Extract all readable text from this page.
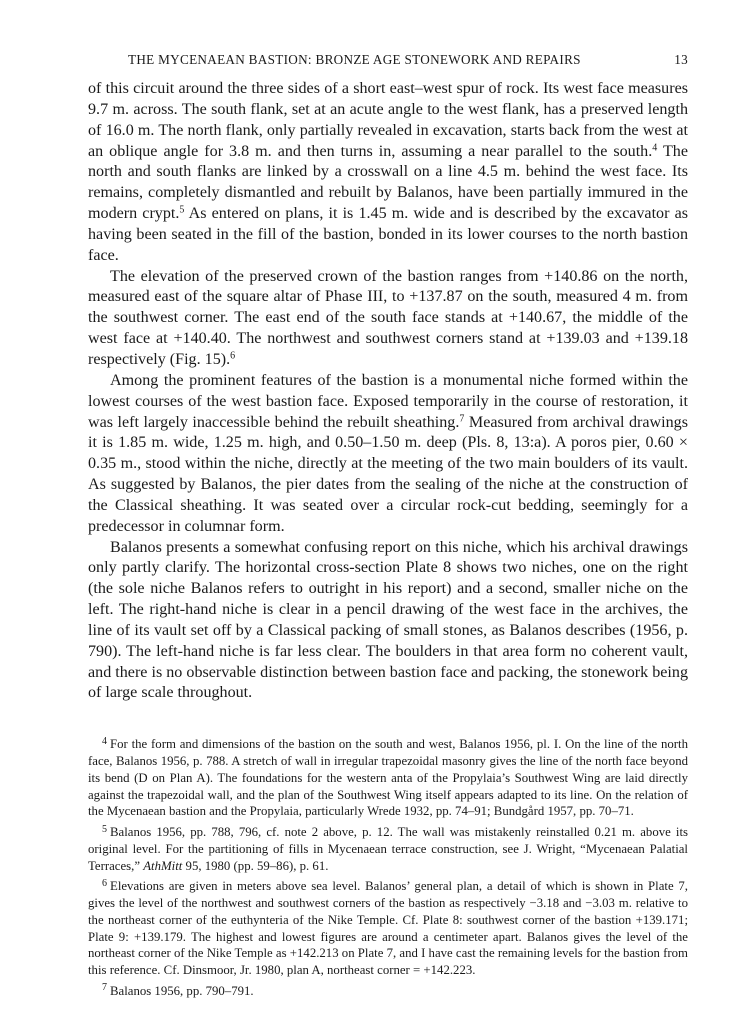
THE MYCENAEAN BASTION: BRONZE AGE STONEWORK AND REPAIRS	13

of this circuit around the three sides of a short east–west spur of rock. Its west face measures 9.7 m. across. The south flank, set at an acute angle to the west flank, has a preserved length of 16.0 m. The north flank, only partially revealed in excavation, starts back from the west at an oblique angle for 3.8 m. and then turns in, assuming a near parallel to the south.$^4$ The north and south flanks are linked by a crosswall on a line 4.5 m. behind the west face. Its remains, completely dismantled and rebuilt by Balanos, have been partially immured in the modern crypt.$^5$ As entered on plans, it is 1.45 m. wide and is described by the excavator as having been seated in the fill of the bastion, bonded in its lower courses to the north bastion face.

The elevation of the preserved crown of the bastion ranges from +140.86 on the north, measured east of the square altar of Phase III, to +137.87 on the south, measured 4 m. from the southwest corner. The east end of the south face stands at +140.67, the middle of the west face at +140.40. The northwest and southwest corners stand at +139.03 and +139.18 respectively (Fig. 15).$^6$

Among the prominent features of the bastion is a monumental niche formed within the lowest courses of the west bastion face. Exposed temporarily in the course of restoration, it was left largely inaccessible behind the rebuilt sheathing.$^7$ Measured from archival drawings it is 1.85 m. wide, 1.25 m. high, and 0.50–1.50 m. deep (Pls. 8, 13:a). A poros pier, 0.60 × 0.35 m., stood within the niche, directly at the meeting of the two main boulders of its vault. As suggested by Balanos, the pier dates from the sealing of the niche at the construction of the Classical sheathing. It was seated over a circular rock-cut bedding, seemingly for a predecessor in columnar form.

Balanos presents a somewhat confusing report on this niche, which his archival drawings only partly clarify. The horizontal cross-section Plate 8 shows two niches, one on the right (the sole niche Balanos refers to outright in his report) and a second, smaller niche on the left. The right-hand niche is clear in a pencil drawing of the west face in the archives, the line of its vault set off by a Classical packing of small stones, as Balanos describes (1956, p. 790). The left-hand niche is far less clear. The boulders in that area form no coherent vault, and there is no observable distinction between bastion face and packing, the stonework being of large scale throughout.

$^4$ For the form and dimensions of the bastion on the south and west, Balanos 1956, pl. I. On the line of the north face, Balanos 1956, p. 788. A stretch of wall in irregular trapezoidal masonry gives the line of the north face beyond its bend (D on Plan A). The foundations for the western anta of the Propylaia’s Southwest Wing are laid directly against the trapezoidal wall, and the plan of the Southwest Wing itself appears adapted to its line. On the relation of the Mycenaean bastion and the Propylaia, particularly Wrede 1932, pp. 74–91; Bundgård 1957, pp. 70–71.

$^5$ Balanos 1956, pp. 788, 796, cf. note 2 above, p. 12. The wall was mistakenly reinstalled 0.21 m. above its original level. For the partitioning of fills in Mycenaean terrace construction, see J. Wright, “Mycenaean Palatial Terraces,” AthMitt 95, 1980 (pp. 59–86), p. 61.

$^6$ Elevations are given in meters above sea level. Balanos’ general plan, a detail of which is shown in Plate 7, gives the level of the northwest and southwest corners of the bastion as respectively −3.18 and −3.03 m. relative to the northeast corner of the euthynteria of the Nike Temple. Cf. Plate 8: southwest corner of the bastion +139.171; Plate 9: +139.179. The highest and lowest figures are around a centimeter apart. Balanos gives the level of the northeast corner of the Nike Temple as +142.213 on Plate 7, and I have cast the remaining levels for the bastion from this reference. Cf. Dinsmoor, Jr. 1980, plan A, northeast corner = +142.223.

$^7$ Balanos 1956, pp. 790–791.
